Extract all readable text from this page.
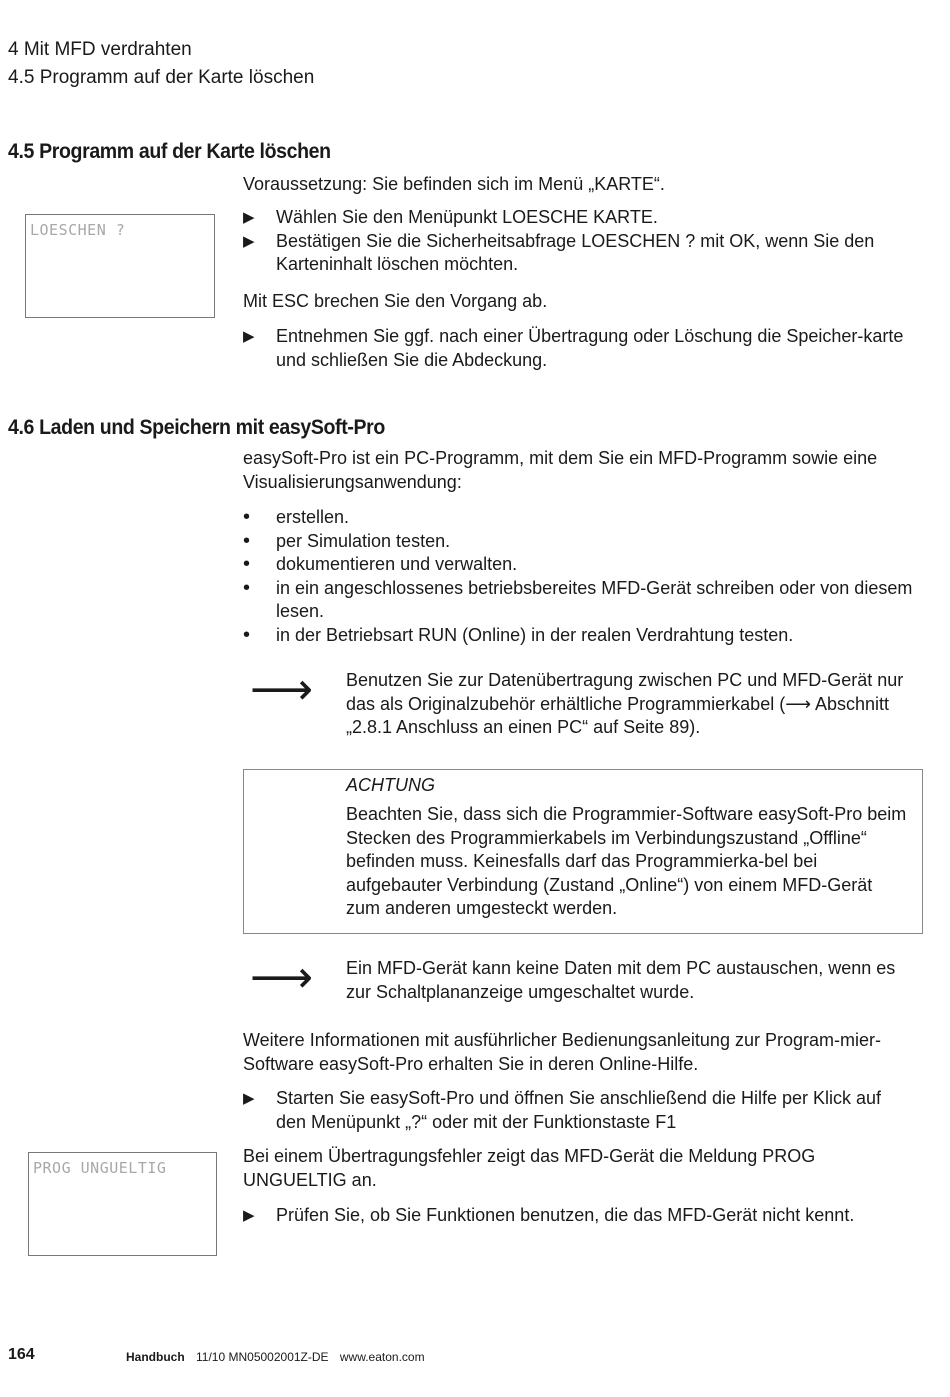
4 Mit MFD verdrahten
4.5 Programm auf der Karte löschen
4.5 Programm auf der Karte löschen
Voraussetzung: Sie befinden sich im Menü „KARTE“.
LOESCHEN ?
▶	Wählen Sie den Menüpunkt LOESCHE KARTE.
▶	Bestätigen Sie die Sicherheitsabfrage LOESCHEN ? mit OK, wenn Sie den Karteninhalt löschen möchten.
Mit ESC brechen Sie den Vorgang ab.
▶	Entnehmen Sie ggf. nach einer Übertragung oder Löschung die Speicher-karte und schließen Sie die Abdeckung.
4.6 Laden und Speichern mit easySoft-Pro
easySoft-Pro ist ein PC-Programm, mit dem Sie ein MFD-Programm sowie eine Visualisierungsanwendung:
•	erstellen.
•	per Simulation testen.
•	dokumentieren und verwalten.
•	in ein angeschlossenes betriebsbereites MFD-Gerät schreiben oder von diesem lesen.
•	in der Betriebsart RUN (Online) in der realen Verdrahtung testen.
⟶ Benutzen Sie zur Datenübertragung zwischen PC und MFD-Gerät nur das als Originalzubehör erhältliche Programmierkabel (⟶ Abschnitt „2.8.1 Anschluss an einen PC“ auf Seite 89).
ACHTUNG
Beachten Sie, dass sich die Programmier-Software easySoft-Pro beim Stecken des Programmierkabels im Verbindungszustand „Offline“ befinden muss. Keinesfalls darf das Programmierka-bel bei aufgebauter Verbindung (Zustand „Online“) von einem MFD-Gerät zum anderen umgesteckt werden.
⟶ Ein MFD-Gerät kann keine Daten mit dem PC austauschen, wenn es zur Schaltplananzeige umgeschaltet wurde.
Weitere Informationen mit ausführlicher Bedienungsanleitung zur Program-mier-Software easySoft-Pro erhalten Sie in deren Online-Hilfe.
▶	Starten Sie easySoft-Pro und öffnen Sie anschließend die Hilfe per Klick auf den Menüpunkt „?“ oder mit der Funktionstaste F1
PROG UNGUELTIG
Bei einem Übertragungsfehler zeigt das MFD-Gerät die Meldung PROG UNGUELTIG an.
▶	Prüfen Sie, ob Sie Funktionen benutzen, die das MFD-Gerät nicht kennt.
164	Handbuch 11/10 MN05002001Z-DE www.eaton.com
